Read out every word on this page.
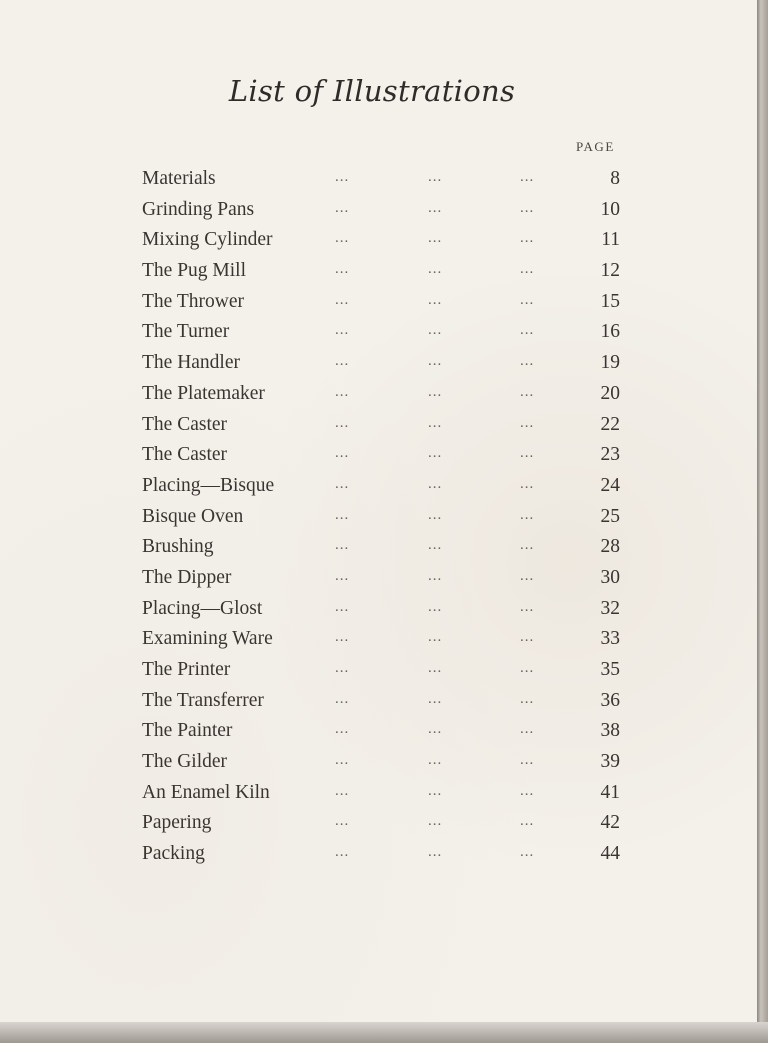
List of Illustrations
PAGE
Materials	...	...	...	8
Grinding Pans	...	...	...	10
Mixing Cylinder	...	...	...	11
The Pug Mill	...	...	...	12
The Thrower	...	...	...	15
The Turner	...	...	...	16
The Handler	...	...	...	19
The Platemaker	...	...	...	20
The Caster	...	...	...	22
The Caster	...	...	...	23
Placing—Bisque	...	...	...	24
Bisque Oven	...	...	...	25
Brushing	...	...	...	28
The Dipper	...	...	...	30
Placing—Glost	...	...	...	32
Examining Ware	...	...	...	33
The Printer	...	...	...	35
The Transferrer	...	...	...	36
The Painter	...	...	...	38
The Gilder	...	...	...	39
An Enamel Kiln	...	...	...	41
Papering	...	...	...	42
Packing	...	...	...	44
